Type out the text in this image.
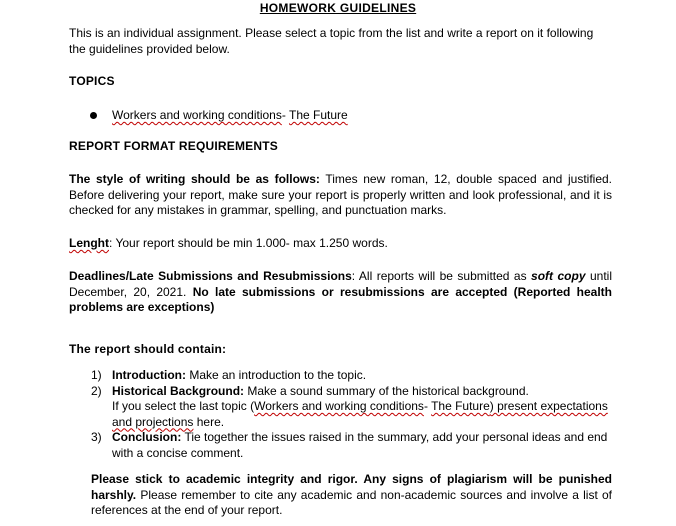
HOMEWORK GUIDELINES
This is an individual assignment. Please select a topic from the list and write a report on it following the guidelines provided below.
TOPICS
Workers and working conditions- The Future
REPORT FORMAT REQUIREMENTS
The style of writing should be as follows: Times new roman, 12, double spaced and justified. Before delivering your report, make sure your report is properly written and look professional, and it is checked for any mistakes in grammar, spelling, and punctuation marks.
Lenght: Your report should be min 1.000- max 1.250 words.
Deadlines/Late Submissions and Resubmissions: All reports will be submitted as soft copy until December, 20, 2021. No late submissions or resubmissions are accepted (Reported health problems are exceptions)
The report should contain:
1) Introduction: Make an introduction to the topic.
2) Historical Background: Make a sound summary of the historical background.
If you select the last topic (Workers and working conditions- The Future) present expectations and projections here.
3) Conclusion: Tie together the issues raised in the summary, add your personal ideas and end with a concise comment.
Please stick to academic integrity and rigor. Any signs of plagiarism will be punished harshly. Please remember to cite any academic and non-academic sources and involve a list of references at the end of your report.
